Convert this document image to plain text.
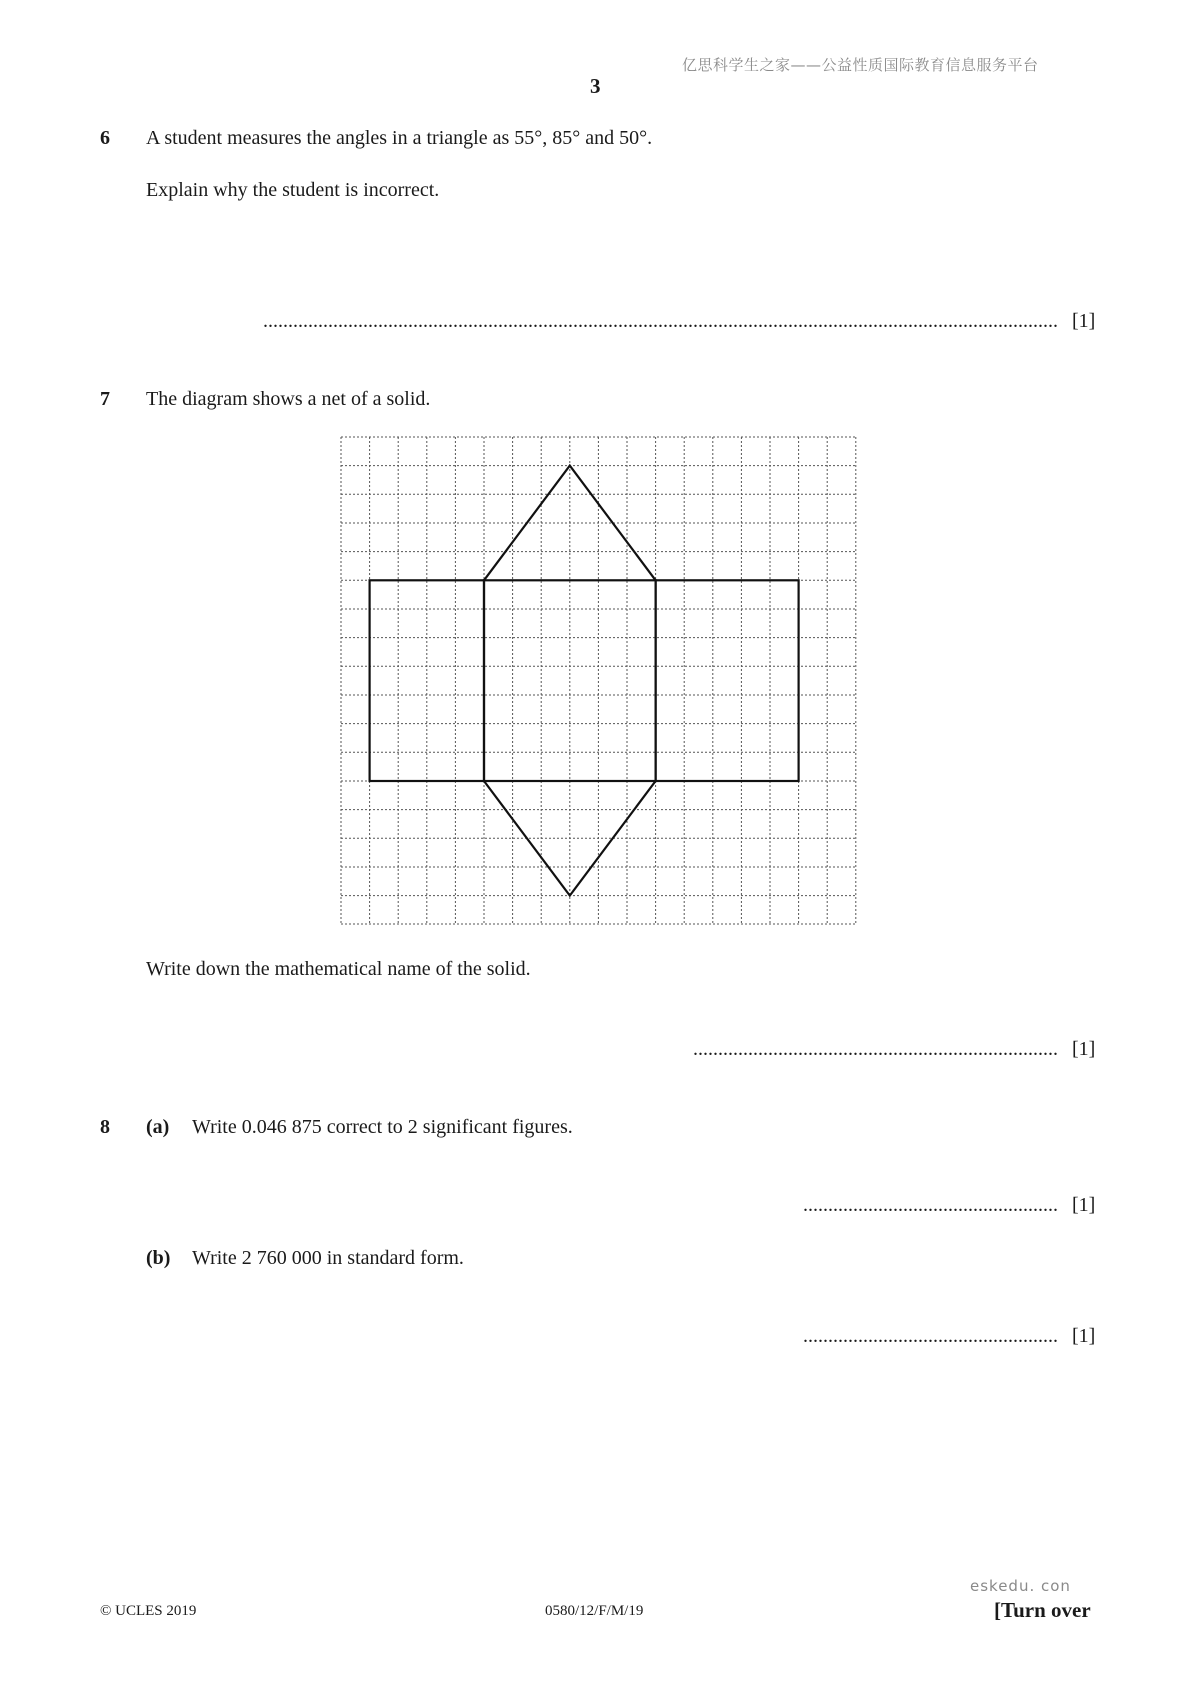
亿思科学生之家——公益性质国际教育信息服务平台
3
6 A student measures the angles in a triangle as 55°, 85° and 50°.
Explain why the student is incorrect.
............................................................................................................................................................... [1]
7 The diagram shows a net of a solid.
Write down the mathematical name of the solid.
......................................................................... [1]
8 (a) Write 0.046 875 correct to 2 significant figures.
................................................... [1]
(b) Write 2 760 000 in standard form.
................................................... [1]
eskedu. con
© UCLES 2019	0580/12/F/M/19	[Turn over
